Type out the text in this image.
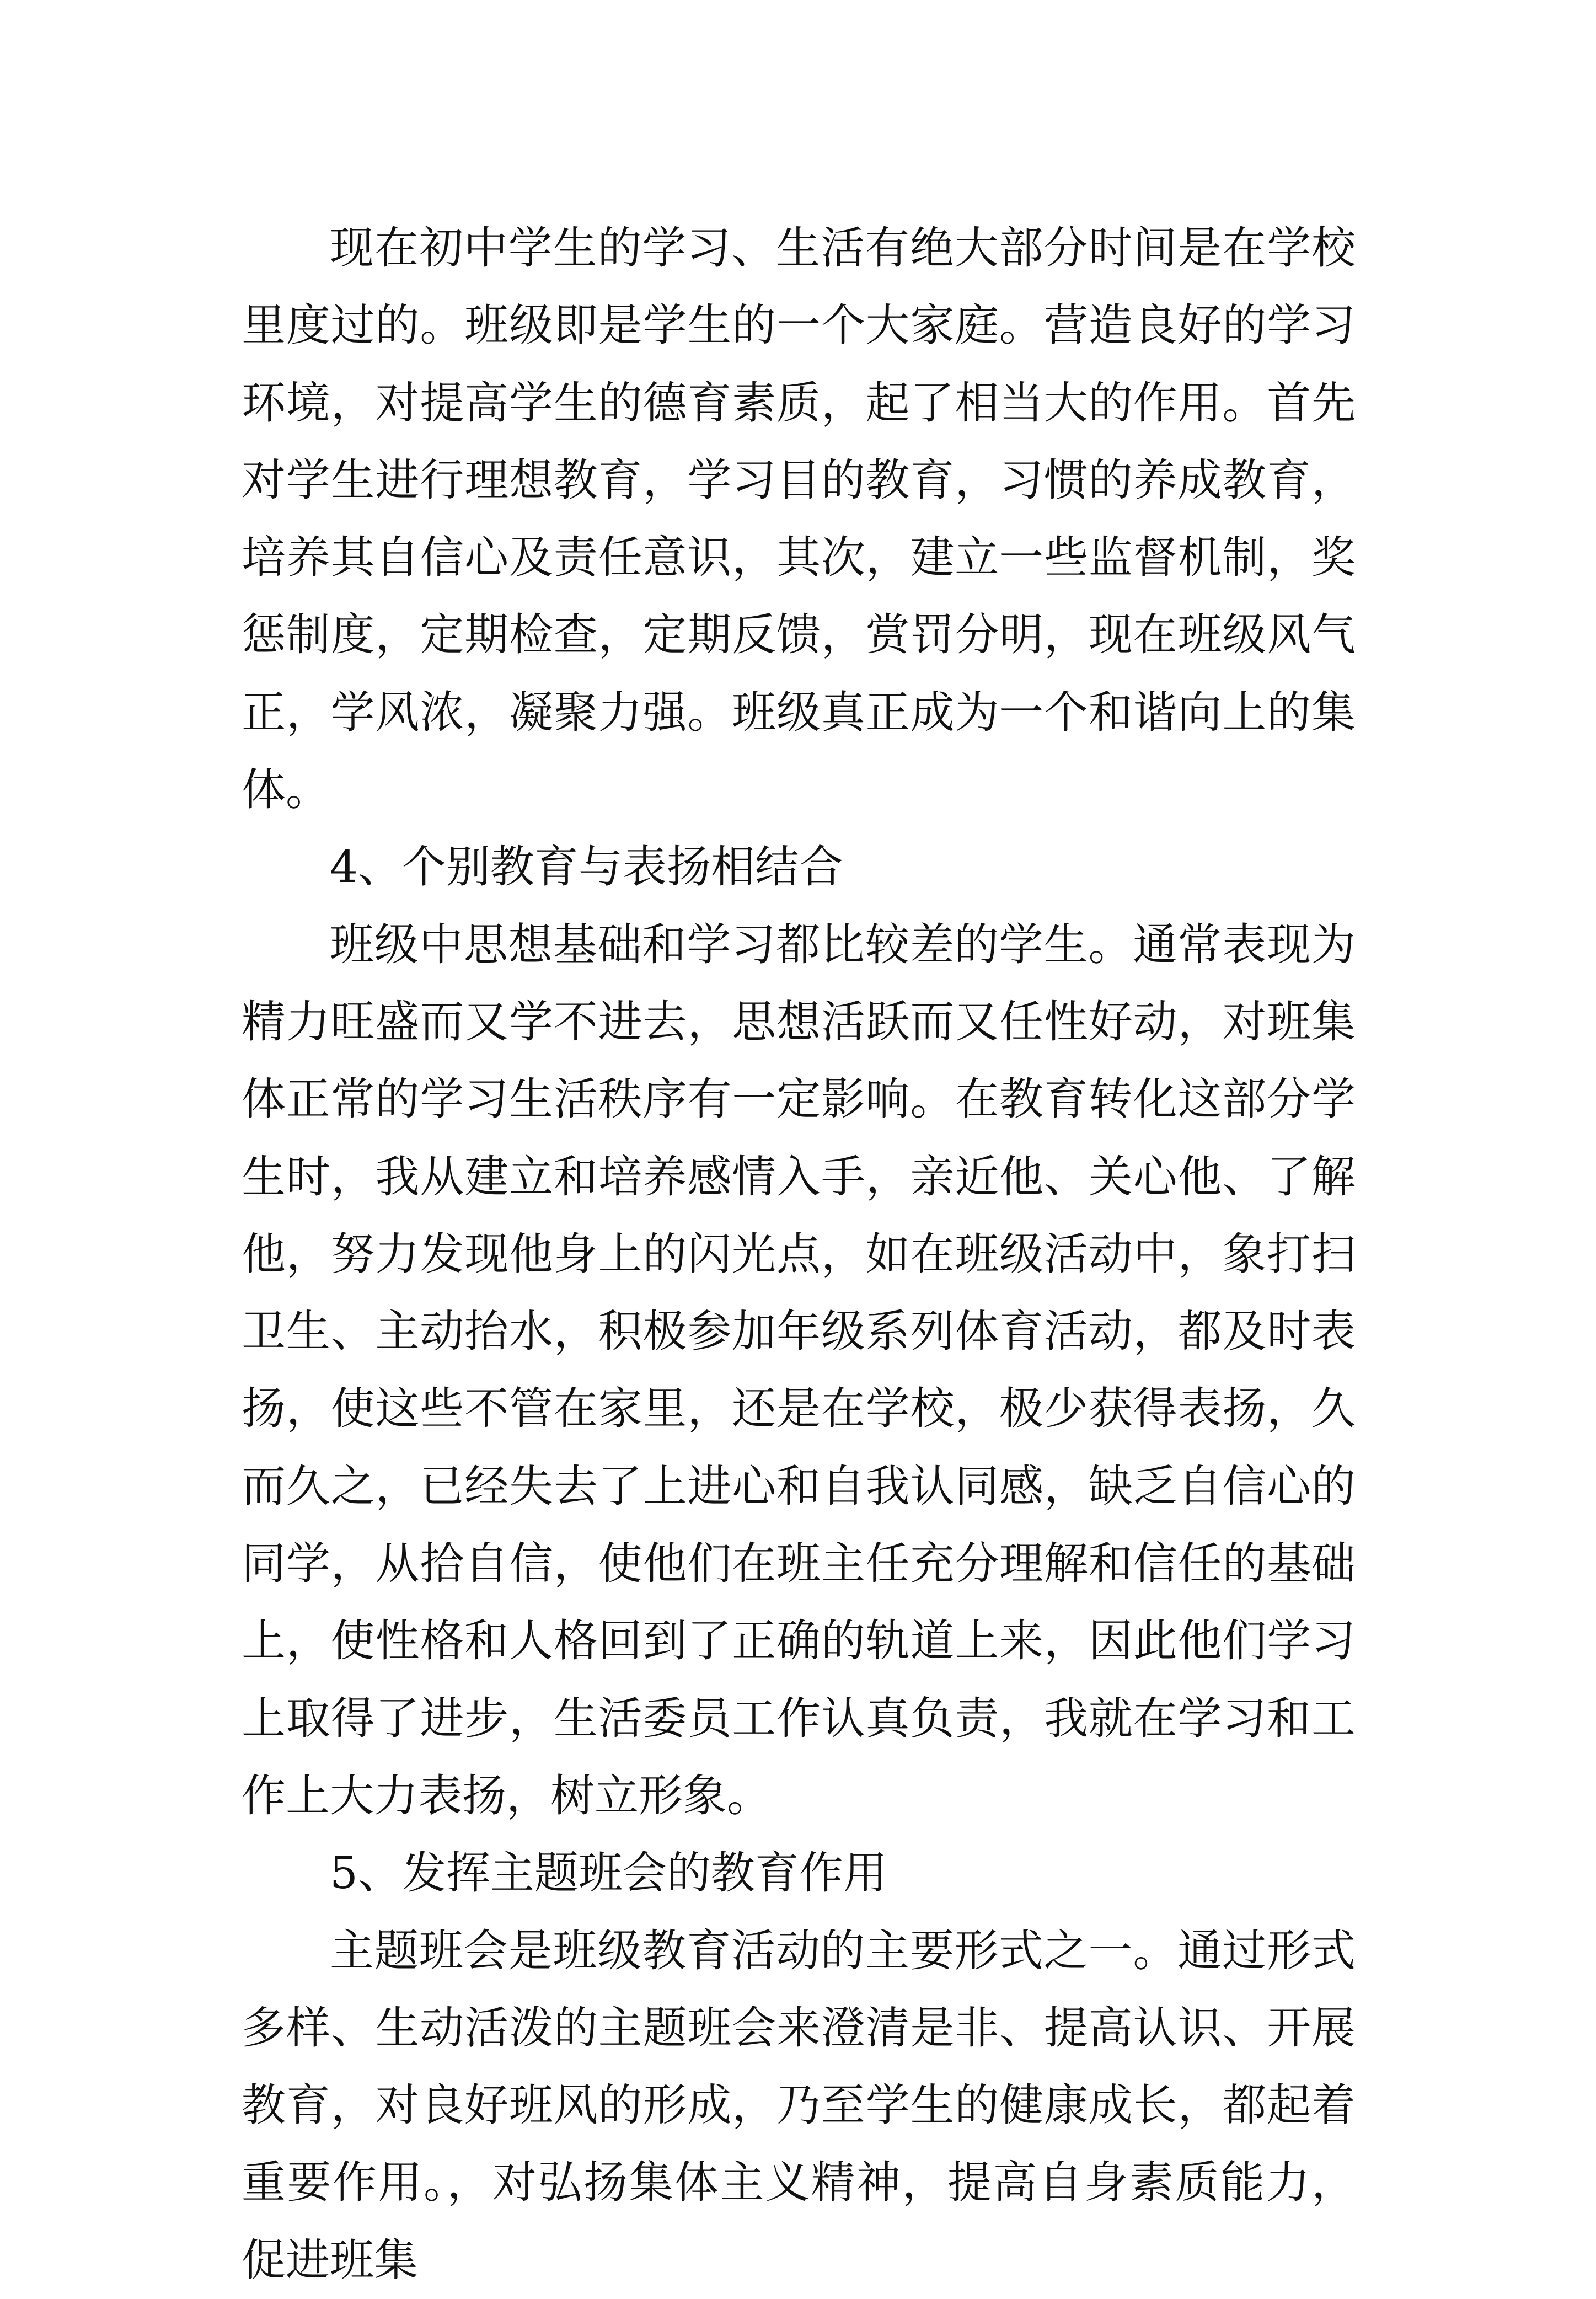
现在初中学生的学习、生活有绝大部分时间是在学校里度过的。班级即是学生的一个大家庭。营造良好的学习环境，对提高学生的德育素质，起了相当大的作用。首先对学生进行理想教育，学习目的教育，习惯的养成教育，培养其自信心及责任意识，其次，建立一些监督机制，奖惩制度，定期检查，定期反馈，赏罚分明，现在班级风气正，学风浓，凝聚力强。班级真正成为一个和谐向上的集体。

4、个别教育与表扬相结合

班级中思想基础和学习都比较差的学生。通常表现为精力旺盛而又学不进去，思想活跃而又任性好动，对班集体正常的学习生活秩序有一定影响。在教育转化这部分学生时，我从建立和培养感情入手，亲近他、关心他、了解他，努力发现他身上的闪光点，如在班级活动中，象打扫卫生、主动抬水，积极参加年级系列体育活动，都及时表扬，使这些不管在家里，还是在学校，极少获得表扬，久而久之，已经失去了上进心和自我认同感，缺乏自信心的同学，从拾自信，使他们在班主任充分理解和信任的基础上，使性格和人格回到了正确的轨道上来，因此他们学习上取得了进步，生活委员工作认真负责，我就在学习和工作上大力表扬，树立形象。

5、发挥主题班会的教育作用

主题班会是班级教育活动的主要形式之一。通过形式多样、生动活泼的主题班会来澄清是非、提高认识、开展教育，对良好班风的形成，乃至学生的健康成长，都起着重要作用。，对弘扬集体主义精神，提高自身素质能力，促进班集
